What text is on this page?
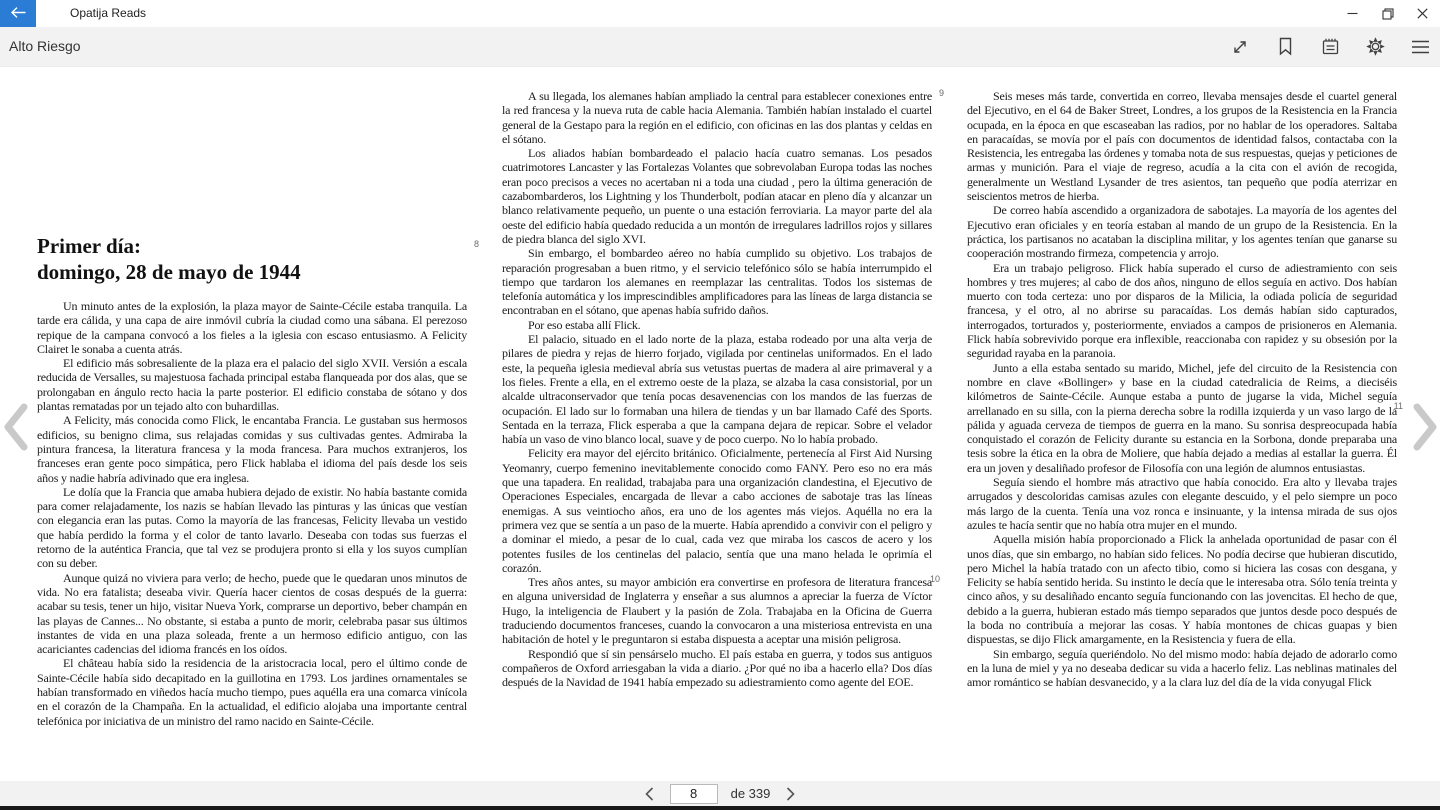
Opatija Reads
Alto Riesgo
8
Primer día:
domingo, 28 de mayo de 1944

Un minuto antes de la explosión, la plaza mayor de Sainte-Cécile estaba tranquila. La tarde era cálida, y una capa de aire inmóvil cubría la ciudad como una sábana. El perezoso repique de la campana convocó a los fieles a la iglesia con escaso entusiasmo. A Felicity Clairet le sonaba a cuenta atrás.

El edificio más sobresaliente de la plaza era el palacio del siglo XVII. Versión a escala reducida de Versalles, su majestuosa fachada principal estaba flanqueada por dos alas, que se prolongaban en ángulo recto hacia la parte posterior. El edificio constaba de sótano y dos plantas rematadas por un tejado alto con buhardillas.

A Felicity, más conocida como Flick, le encantaba Francia. Le gustaban sus hermosos edificios, su benigno clima, sus relajadas comidas y sus cultivadas gentes. Admiraba la pintura francesa, la literatura francesa y la moda francesa. Para muchos extranjeros, los franceses eran gente poco simpática, pero Flick hablaba el idioma del país desde los seis años y nadie habría adivinado que era inglesa.

Le dolía que la Francia que amaba hubiera dejado de existir. No había bastante comida para comer relajadamente, los nazis se habían llevado las pinturas y las únicas que vestían con elegancia eran las putas. Como la mayoría de las francesas, Felicity llevaba un vestido que había perdido la forma y el color de tanto lavarlo. Deseaba con todas sus fuerzas el retorno de la auténtica Francia, que tal vez se produjera pronto si ella y los suyos cumplían con su deber.

Aunque quizá no viviera para verlo; de hecho, puede que le quedaran unos minutos de vida. No era fatalista; deseaba vivir. Quería hacer cientos de cosas después de la guerra: acabar su tesis, tener un hijo, visitar Nueva York, comprarse un deportivo, beber champán en las playas de Cannes... No obstante, si estaba a punto de morir, celebraba pasar sus últimos instantes de vida en una plaza soleada, frente a un hermoso edificio antiguo, con las acariciantes cadencias del idioma francés en los oídos.

El château había sido la residencia de la aristocracia local, pero el último conde de Sainte-Cécile había sido decapitado en la guillotina en 1793. Los jardines ornamentales se habían transformado en viñedos hacía mucho tiempo, pues aquélla era una comarca vinícola en el corazón de la Champaña. En la actualidad, el edificio alojaba una importante central telefónica por iniciativa de un ministro del ramo nacido en Sainte-Cécile.

9
10

A su llegada, los alemanes habían ampliado la central para establecer conexiones entre la red francesa y la nueva ruta de cable hacia Alemania. También habían instalado el cuartel general de la Gestapo para la región en el edificio, con oficinas en las dos plantas y celdas en el sótano.

Los aliados habían bombardeado el palacio hacía cuatro semanas. Los pesados cuatrimotores Lancaster y las Fortalezas Volantes que sobrevolaban Europa todas las noches eran poco precisos a veces no acertaban ni a toda una ciudad , pero la última generación de cazabombarderos, los Lightning y los Thunderbolt, podían atacar en pleno día y alcanzar un blanco relativamente pequeño, un puente o una estación ferroviaria. La mayor parte del ala oeste del edificio había quedado reducida a un montón de irregulares ladrillos rojos y sillares de piedra blanca del siglo XVI.

Sin embargo, el bombardeo aéreo no había cumplido su objetivo. Los trabajos de reparación progresaban a buen ritmo, y el servicio telefónico sólo se había interrumpido el tiempo que tardaron los alemanes en reemplazar las centralitas. Todos los sistemas de telefonía automática y los imprescindibles amplificadores para las líneas de larga distancia se encontraban en el sótano, que apenas había sufrido daños.

Por eso estaba allí Flick.

El palacio, situado en el lado norte de la plaza, estaba rodeado por una alta verja de pilares de piedra y rejas de hierro forjado, vigilada por centinelas uniformados. En el lado este, la pequeña iglesia medieval abría sus vetustas puertas de madera al aire primaveral y a los fieles. Frente a ella, en el extremo oeste de la plaza, se alzaba la casa consistorial, por un alcalde ultraconservador que tenía pocas desavenencias con los mandos de las fuerzas de ocupación. El lado sur lo formaban una hilera de tiendas y un bar llamado Café des Sports. Sentada en la terraza, Flick esperaba a que la campana dejara de repicar. Sobre el velador había un vaso de vino blanco local, suave y de poco cuerpo. No lo había probado.

Felicity era mayor del ejército británico. Oficialmente, pertenecía al First Aid Nursing Yeomanry, cuerpo femenino inevitablemente conocido como FANY. Pero eso no era más que una tapadera. En realidad, trabajaba para una organización clandestina, el Ejecutivo de Operaciones Especiales, encargada de llevar a cabo acciones de sabotaje tras las líneas enemigas. A sus veintiocho años, era uno de los agentes más viejos. Aquélla no era la primera vez que se sentía a un paso de la muerte. Había aprendido a convivir con el peligro y a dominar el miedo, a pesar de lo cual, cada vez que miraba los cascos de acero y los potentes fusiles de los centinelas del palacio, sentía que una mano helada le oprimía el corazón.

Tres años antes, su mayor ambición era convertirse en profesora de literatura francesa en alguna universidad de Inglaterra y enseñar a sus alumnos a apreciar la fuerza de Víctor Hugo, la inteligencia de Flaubert y la pasión de Zola. Trabajaba en la Oficina de Guerra traduciendo documentos franceses, cuando la convocaron a una misteriosa entrevista en una habitación de hotel y le preguntaron si estaba dispuesta a aceptar una misión peligrosa.

Respondió que sí sin pensárselo mucho. El país estaba en guerra, y todos sus antiguos compañeros de Oxford arriesgaban la vida a diario. ¿Por qué no iba a hacerlo ella? Dos días después de la Navidad de 1941 había empezado su adiestramiento como agente del EOE.

11

Seis meses más tarde, convertida en correo, llevaba mensajes desde el cuartel general del Ejecutivo, en el 64 de Baker Street, Londres, a los grupos de la Resistencia en la Francia ocupada, en la época en que escaseaban las radios, por no hablar de los operadores. Saltaba en paracaídas, se movía por el país con documentos de identidad falsos, contactaba con la Resistencia, les entregaba las órdenes y tomaba nota de sus respuestas, quejas y peticiones de armas y munición. Para el viaje de regreso, acudía a la cita con el avión de recogida, generalmente un Westland Lysander de tres asientos, tan pequeño que podía aterrizar en seiscientos metros de hierba.

De correo había ascendido a organizadora de sabotajes. La mayoría de los agentes del Ejecutivo eran oficiales y en teoría estaban al mando de un grupo de la Resistencia. En la práctica, los partisanos no acataban la disciplina militar, y los agentes tenían que ganarse su cooperación mostrando firmeza, competencia y arrojo.

Era un trabajo peligroso. Flick había superado el curso de adiestramiento con seis hombres y tres mujeres; al cabo de dos años, ninguno de ellos seguía en activo. Dos habían muerto con toda certeza: uno por disparos de la Milicia, la odiada policía de seguridad francesa, y el otro, al no abrirse su paracaídas. Los demás habían sido capturados, interrogados, torturados y, posteriormente, enviados a campos de prisioneros en Alemania. Flick había sobrevivido porque era inflexible, reaccionaba con rapidez y su obsesión por la seguridad rayaba en la paranoia.

Junto a ella estaba sentado su marido, Michel, jefe del circuito de la Resistencia con nombre en clave «Bollinger» y base en la ciudad catedralicia de Reims, a dieciséis kilómetros de Sainte-Cécile. Aunque estaba a punto de jugarse la vida, Michel seguía arrellanado en su silla, con la pierna derecha sobre la rodilla izquierda y un vaso largo de la pálida y aguada cerveza de tiempos de guerra en la mano. Su sonrisa despreocupada había conquistado el corazón de Felicity durante su estancia en la Sorbona, donde preparaba una tesis sobre la ética en la obra de Moliere, que había dejado a medias al estallar la guerra. Él era un joven y desaliñado profesor de Filosofía con una legión de alumnos entusiastas.

Seguía siendo el hombre más atractivo que había conocido. Era alto y llevaba trajes arrugados y descoloridas camisas azules con elegante descuido, y el pelo siempre un poco más largo de la cuenta. Tenía una voz ronca e insinuante, y la intensa mirada de sus ojos azules te hacía sentir que no había otra mujer en el mundo.

Aquella misión había proporcionado a Flick la anhelada oportunidad de pasar con él unos días, que sin embargo, no habían sido felices. No podía decirse que hubieran discutido, pero Michel la había tratado con un afecto tibio, como si hiciera las cosas con desgana, y Felicity se había sentido herida. Su instinto le decía que le interesaba otra. Sólo tenía treinta y cinco años, y su desaliñado encanto seguía funcionando con las jovencitas. El hecho de que, debido a la guerra, hubieran estado más tiempo separados que juntos desde poco después de la boda no contribuía a mejorar las cosas. Y había montones de chicas guapas y bien dispuestas, se dijo Flick amargamente, en la Resistencia y fuera de ella.

Sin embargo, seguía queriéndolo. No del mismo modo: había dejado de adorarlo como en la luna de miel y ya no deseaba dedicar su vida a hacerlo feliz. Las neblinas matinales del amor romántico se habían desvanecido, y a la clara luz del día de la vida conyugal Flick

8
de 339
